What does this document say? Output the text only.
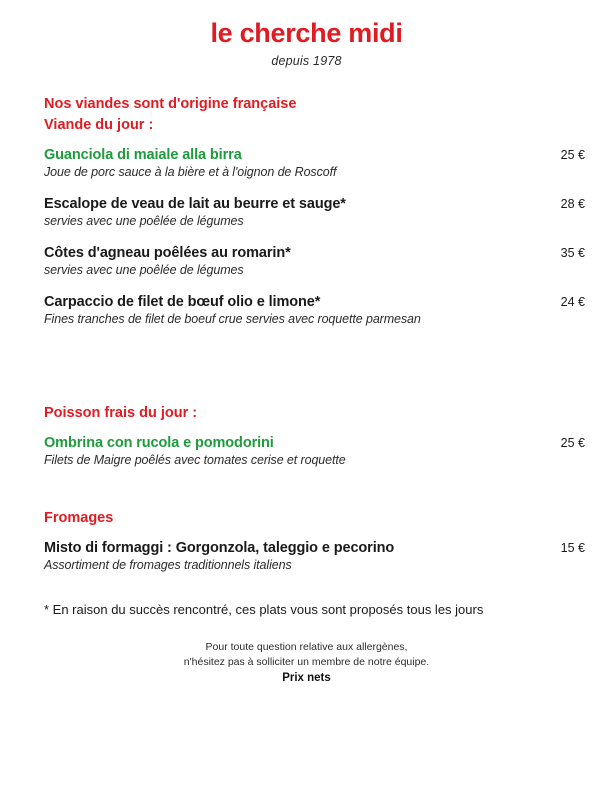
le cherche midi
depuis 1978
Nos viandes sont d'origine française
Viande du jour :
Guanciola di maiale alla birra	25 €
Joue de porc sauce à la bière et à l'oignon de Roscoff
Escalope de veau de lait au beurre et sauge*	28 €
servies avec une poêlée de légumes
Côtes d'agneau poêlées au romarin*	35 €
servies avec une poêlée de légumes
Carpaccio de filet de bœuf olio e limone*	24 €
Fines tranches de filet de boeuf crue servies avec roquette parmesan
Poisson frais du jour :
Ombrina con rucola e pomodorini	25 €
Filets de Maigre poêlés avec tomates cerise et roquette
Fromages
Misto di formaggi : Gorgonzola, taleggio e pecorino	15 €
Assortiment de fromages traditionnels italiens
* En raison du succès rencontré, ces plats vous sont proposés tous les jours
Pour toute question relative aux allergènes,
n'hésitez pas à solliciter un membre de notre équipe.
Prix nets
